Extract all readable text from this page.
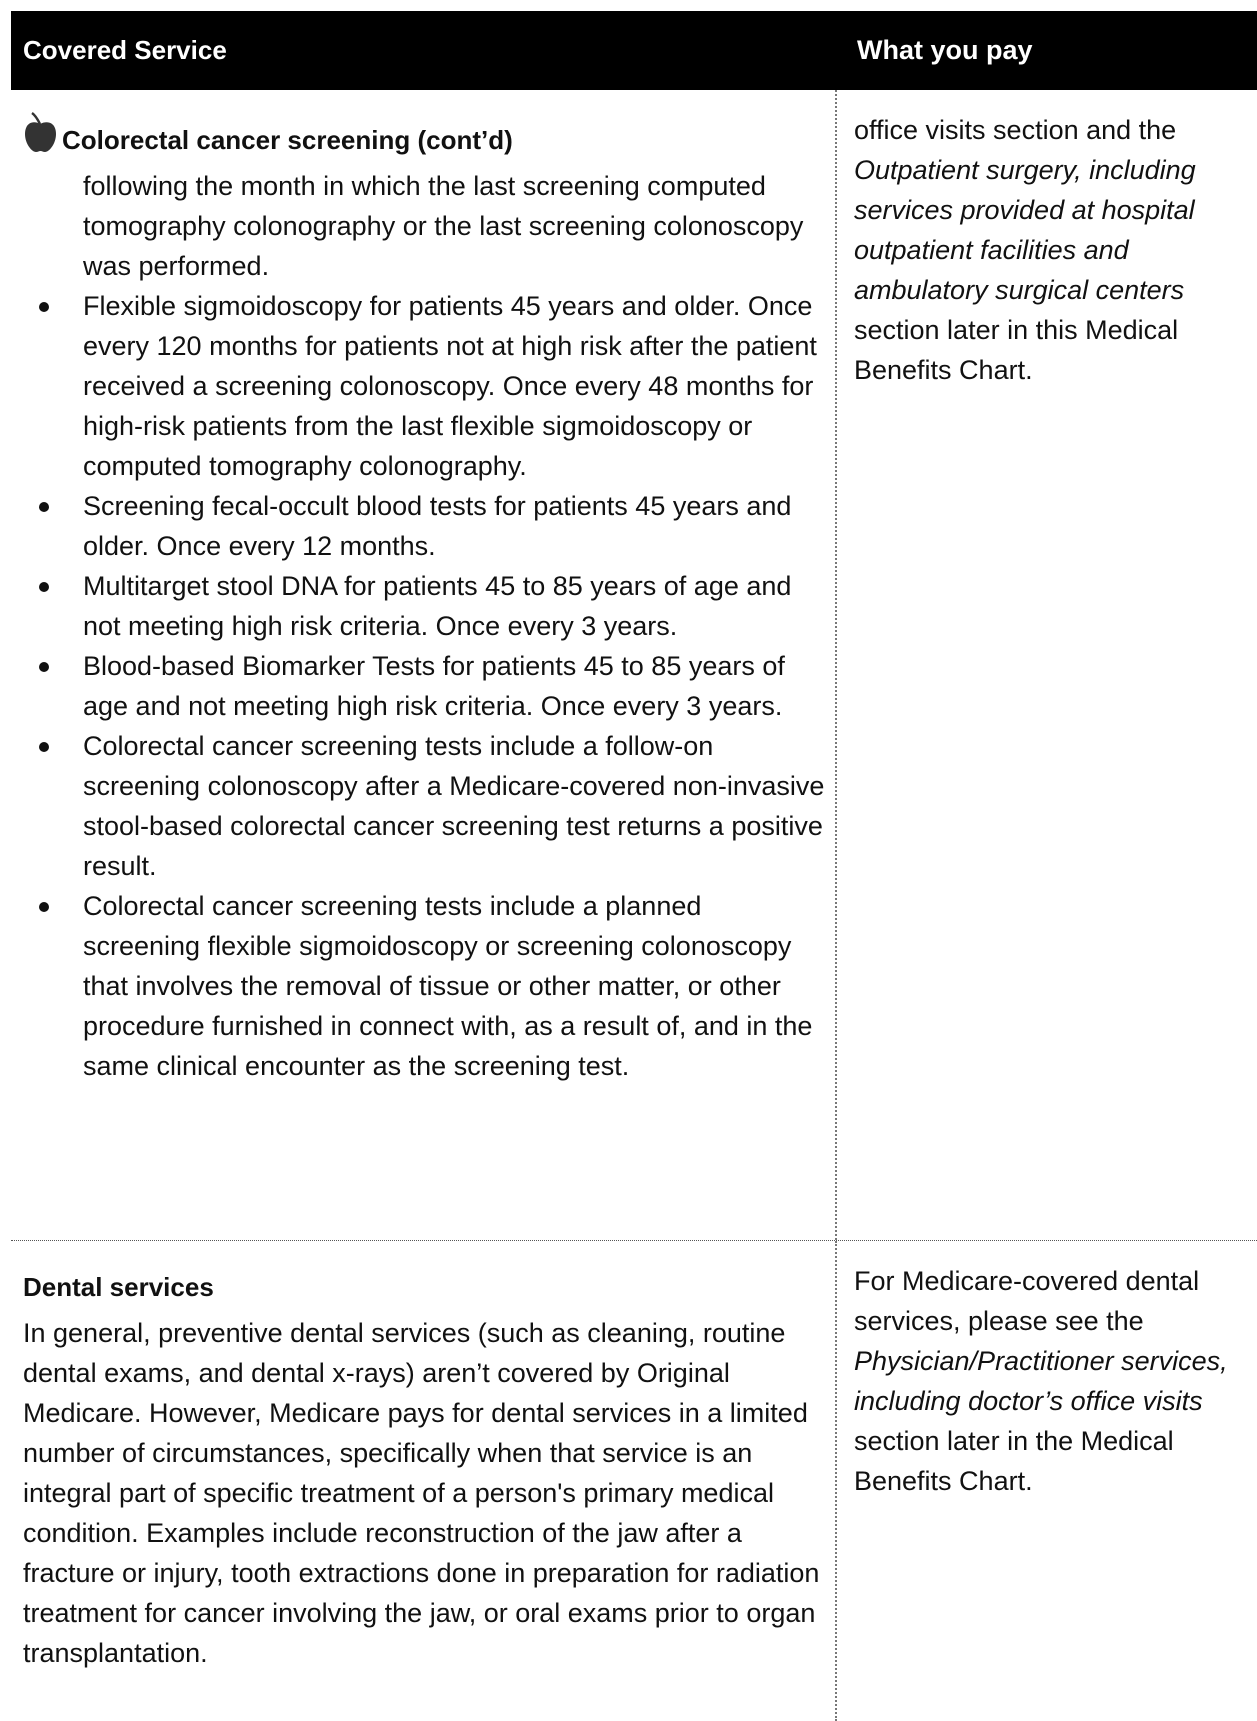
Covered Service	What you pay
Colorectal cancer screening (cont’d)

following the month in which the last screening computed tomography colonography or the last screening colonoscopy was performed.

Flexible sigmoidoscopy for patients 45 years and older. Once every 120 months for patients not at high risk after the patient received a screening colonoscopy. Once every 48 months for high-risk patients from the last flexible sigmoidoscopy or computed tomography colonography.
Screening fecal-occult blood tests for patients 45 years and older. Once every 12 months.
Multitarget stool DNA for patients 45 to 85 years of age and not meeting high risk criteria. Once every 3 years.
Blood-based Biomarker Tests for patients 45 to 85 years of age and not meeting high risk criteria. Once every 3 years.
Colorectal cancer screening tests include a follow-on screening colonoscopy after a Medicare-covered non-invasive stool-based colorectal cancer screening test returns a positive result.
Colorectal cancer screening tests include a planned screening flexible sigmoidoscopy or screening colonoscopy that involves the removal of tissue or other matter, or other procedure furnished in connect with, as a result of, and in the same clinical encounter as the screening test.
office visits section and the Outpatient surgery, including services provided at hospital outpatient facilities and ambulatory surgical centers section later in this Medical Benefits Chart.
Dental services
In general, preventive dental services (such as cleaning, routine dental exams, and dental x-rays) aren’t covered by Original Medicare. However, Medicare pays for dental services in a limited number of circumstances, specifically when that service is an integral part of specific treatment of a person's primary medical condition. Examples include reconstruction of the jaw after a fracture or injury, tooth extractions done in preparation for radiation treatment for cancer involving the jaw, or oral exams prior to organ transplantation.
For Medicare-covered dental services, please see the Physician/Practitioner services, including doctor’s office visits section later in the Medical Benefits Chart.
